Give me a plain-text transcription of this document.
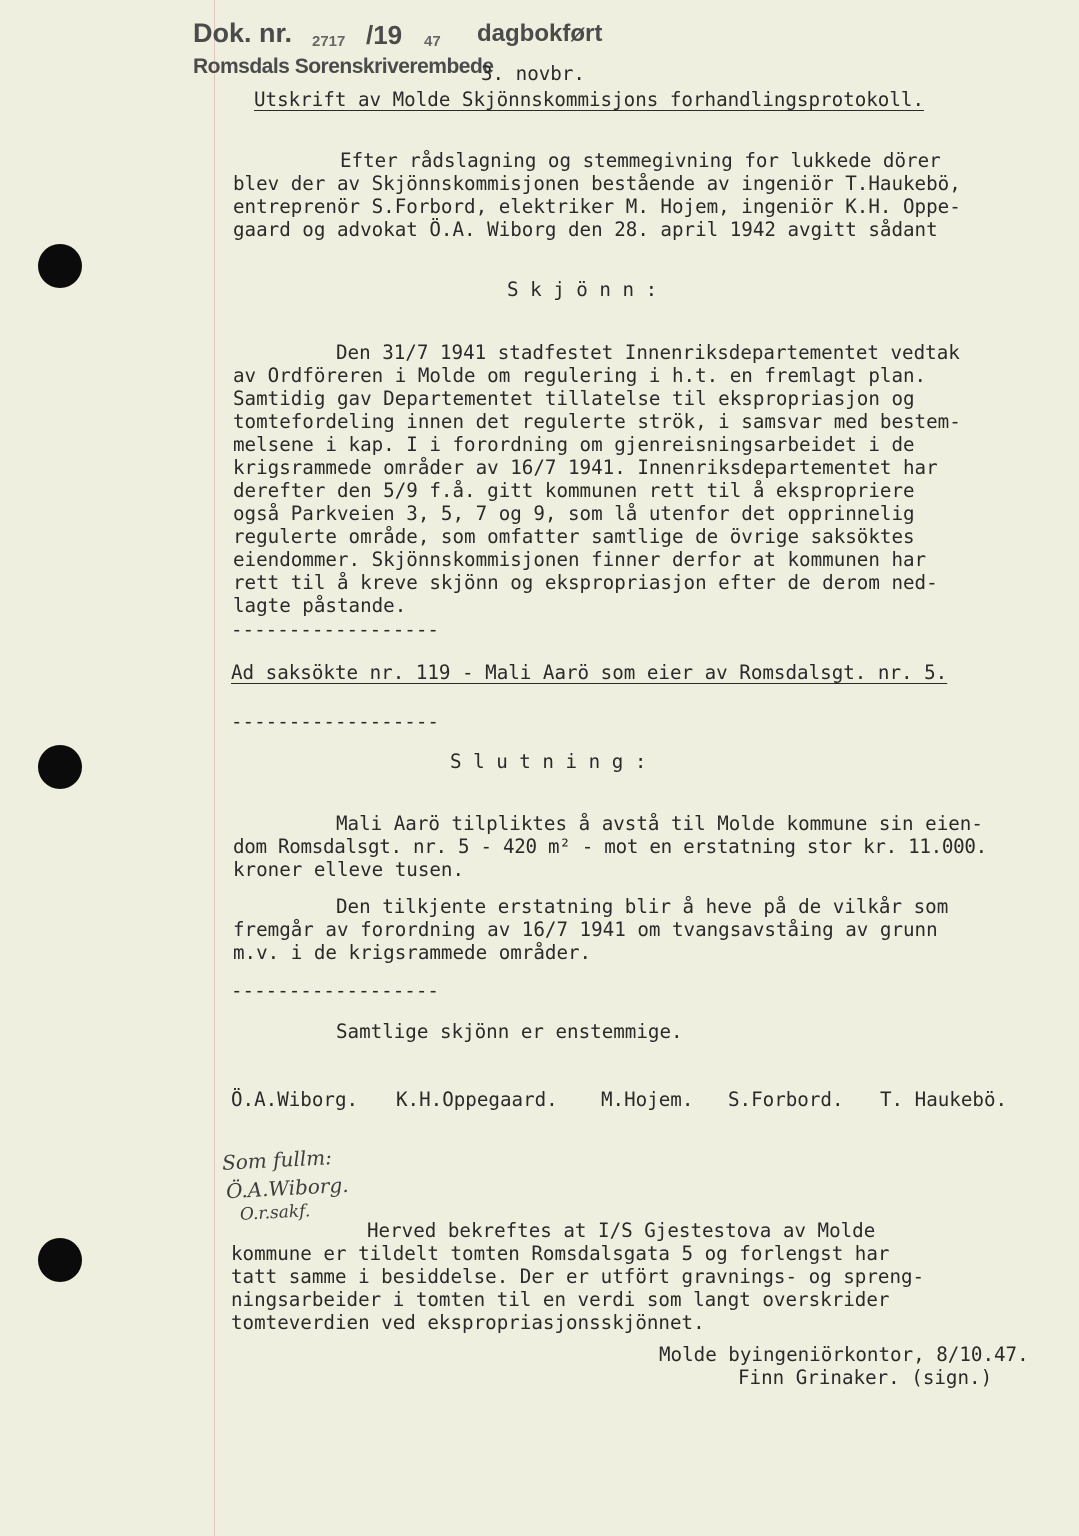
Dok. nr. 2717 /19 47 dagbokført
Romsdals Sorenskriverembede
3. novbr.
Utskrift av Molde Skjönnskommisjons forhandlingsprotokoll.
Efter rådslagning og stemmegivning for lukkede dörer
blev der av Skjönnskommisjonen bestående av ingeniör T.Haukebö,
entreprenör S.Forbord, elektriker M. Hojem, ingeniör K.H. Oppe-
gaard og advokat Ö.A. Wiborg den 28. april 1942 avgitt sådant
S k j ö n n :
Den 31/7 1941 stadfestet Innenriksdepartementet vedtak
av Ordföreren i Molde om regulering i h.t. en fremlagt plan.
Samtidig gav Departementet tillatelse til ekspropriasjon og
tomtefordeling innen det regulerte strök, i samsvar med bestem-
melsene i kap. I i forordning om gjenreisningsarbeidet i de
krigsrammede områder av 16/7 1941. Innenriksdepartementet har
derefter den 5/9 f.å. gitt kommunen rett til å ekspropriere
også Parkveien 3, 5, 7 og 9, som lå utenfor det opprinnelig
regulerte område, som omfatter samtlige de övrige saksöktes
eiendommer. Skjönnskommisjonen finner derfor at kommunen har
rett til å kreve skjönn og ekspropriasjon efter de derom ned-
lagte påstande.
------------------
Ad saksökte nr. 119 - Mali Aarö som eier av Romsdalsgt. nr. 5.
------------------
S l u t n i n g :
Mali Aarö tilpliktes å avstå til Molde kommune sin eien-
dom Romsdalsgt. nr. 5 - 420 m² - mot en erstatning stor kr. 11.000.
kroner elleve tusen.
Den tilkjente erstatning blir å heve på de vilkår som
fremgår av forordning av 16/7 1941 om tvangsavståing av grunn
m.v. i de krigsrammede områder.
------------------
Samtlige skjönn er enstemmige.
Ö.A.Wiborg. K.H.Oppegaard. M.Hojem. S.Forbord. T. Haukebö.
Som fullm:
Ö.A.Wiborg.
O.r.sakf.
Herved bekreftes at I/S Gjestestova av Molde
kommune er tildelt tomten Romsdalsgata 5 og forlengst har
tatt samme i besiddelse. Der er utfört gravnings- og spreng-
ningsarbeider i tomten til en verdi som langt overskrider
tomteverdien ved ekspropriasjonsskjönnet.
Molde byingeniörkontor, 8/10.47.
Finn Grinaker. (sign.)
